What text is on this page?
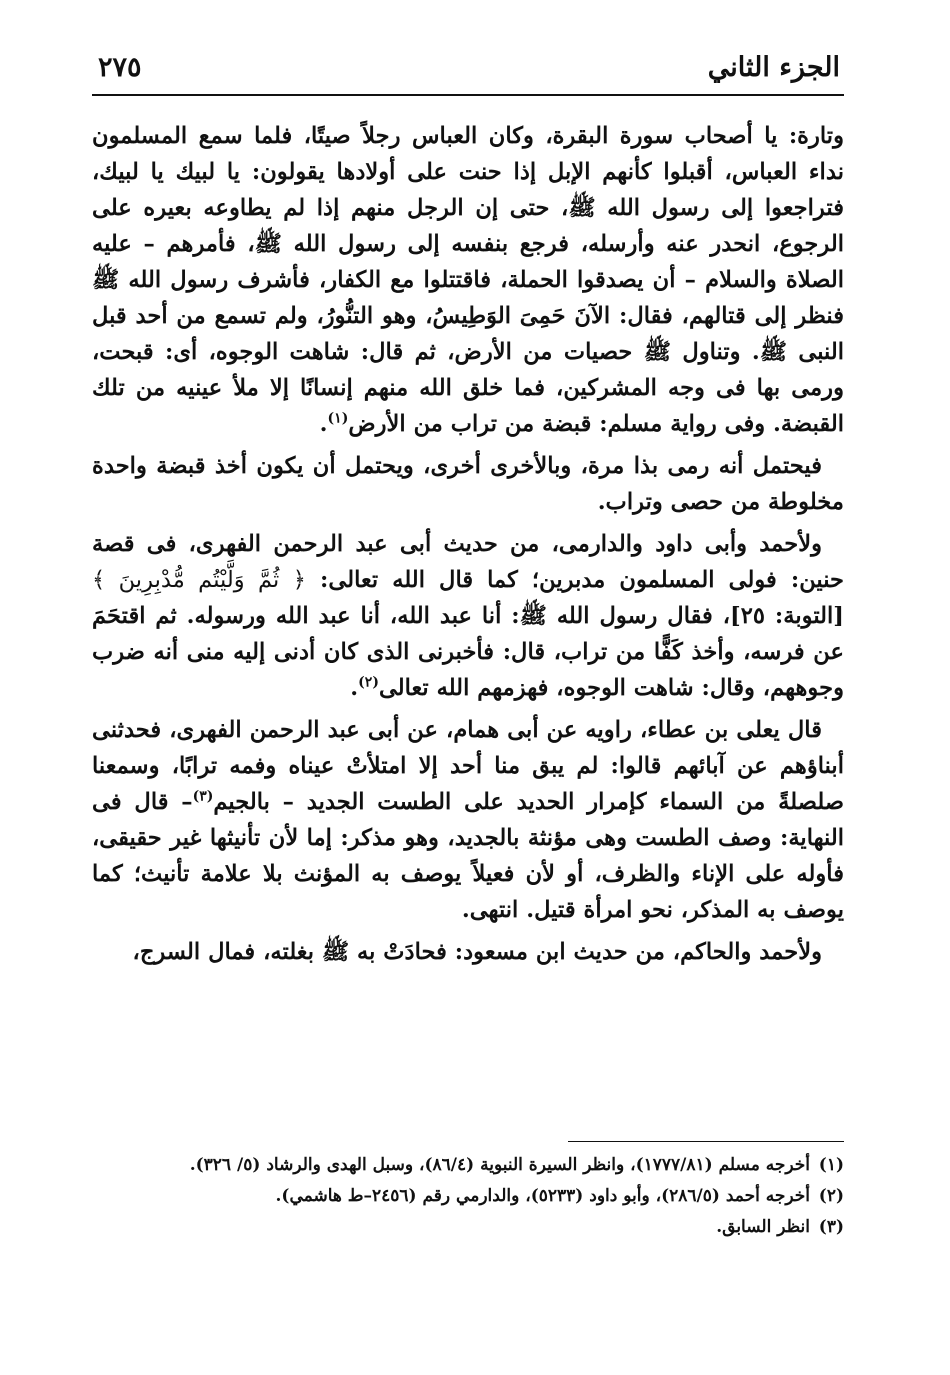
الجزء الثاني
٢٧٥

وتارة: يا أصحاب سورة البقرة، وكان العباس رجلاً صيتًا، فلما سمع المسلمون نداء العباس، أقبلوا كأنهم الإبل إذا حنت على أولادها يقولون: يا لبيك يا لبيك، فتراجعوا إلى رسول الله ﷺ، حتى إن الرجل منهم إذا لم يطاوعه بعيره على الرجوع، انحدر عنه وأرسله، فرجع بنفسه إلى رسول الله ﷺ، فأمرهم – عليه الصلاة والسلام – أن يصدقوا الحملة، فاقتتلوا مع الكفار، فأشرف رسول الله ﷺ فنظر إلى قتالهم، فقال: الآنَ حَمِىَ الوَطِيسُ، وهو التنُّورُ، ولم تسمع من أحد قبل النبى ﷺ. وتناول ﷺ حصيات من الأرض، ثم قال: شاهت الوجوه، أى: قبحت، ورمى بها فى وجه المشركين، فما خلق الله منهم إنسانًا إلا ملأ عينيه من تلك القبضة. وفى رواية مسلم: قبضة من تراب من الأرض$^{(١)}$.

فيحتمل أنه رمى بذا مرة، وبالأخرى أخرى، ويحتمل أن يكون أخذ قبضة واحدة مخلوطة من حصى وتراب.

ولأحمد وأبى داود والدارمى، من حديث أبى عبد الرحمن الفهرى، فى قصة حنين: فولى المسلمون مدبرين؛ كما قال الله تعالى: ﴿ ثُمَّ وَلَّيْتُم مُّدْبِرِينَ ﴾ [التوبة: ٢٥]، فقال رسول الله ﷺ: أنا عبد الله، أنا عبد الله ورسوله. ثم اقتحَمَ عن فرسه، وأخذ كَفًّا من تراب، قال: فأخبرنى الذى كان أدنى إليه منى أنه ضرب وجوههم، وقال: شاهت الوجوه، فهزمهم الله تعالى$^{(٢)}$.

قال يعلى بن عطاء، راويه عن أبى همام، عن أبى عبد الرحمن الفهرى، فحدثنى أبناؤهم عن آبائهم قالوا: لم يبق منا أحد إلا امتلأتْ عيناه وفمه ترابًا، وسمعنا صلصلةً من السماء كإمرار الحديد على الطست الجديد – بالجيم$^{(٣)}$– قال فى النهاية: وصف الطست وهى مؤنثة بالجديد، وهو مذكر: إما لأن تأنيثها غير حقيقى، فأوله على الإناء والظرف، أو لأن فعيلاً يوصف به المؤنث بلا علامة تأنيث؛ كما يوصف به المذكر، نحو امرأة قتيل. انتهى.

ولأحمد والحاكم، من حديث ابن مسعود: فحادَتْ به ﷺ بغلته، فمال السرج،

(١)
أخرجه مسلم (١٧٧٧/٨١)، وانظر السيرة النبوية (٨٦/٤)، وسبل الهدى والرشاد (٥/ ٣٢٦).

(٢)
أخرجه أحمد (٢٨٦/٥)، وأبو داود (٥٢٣٣)، والدارمي رقم (٢٤٥٦–ط هاشمي).

(٣)
انظر السابق.
